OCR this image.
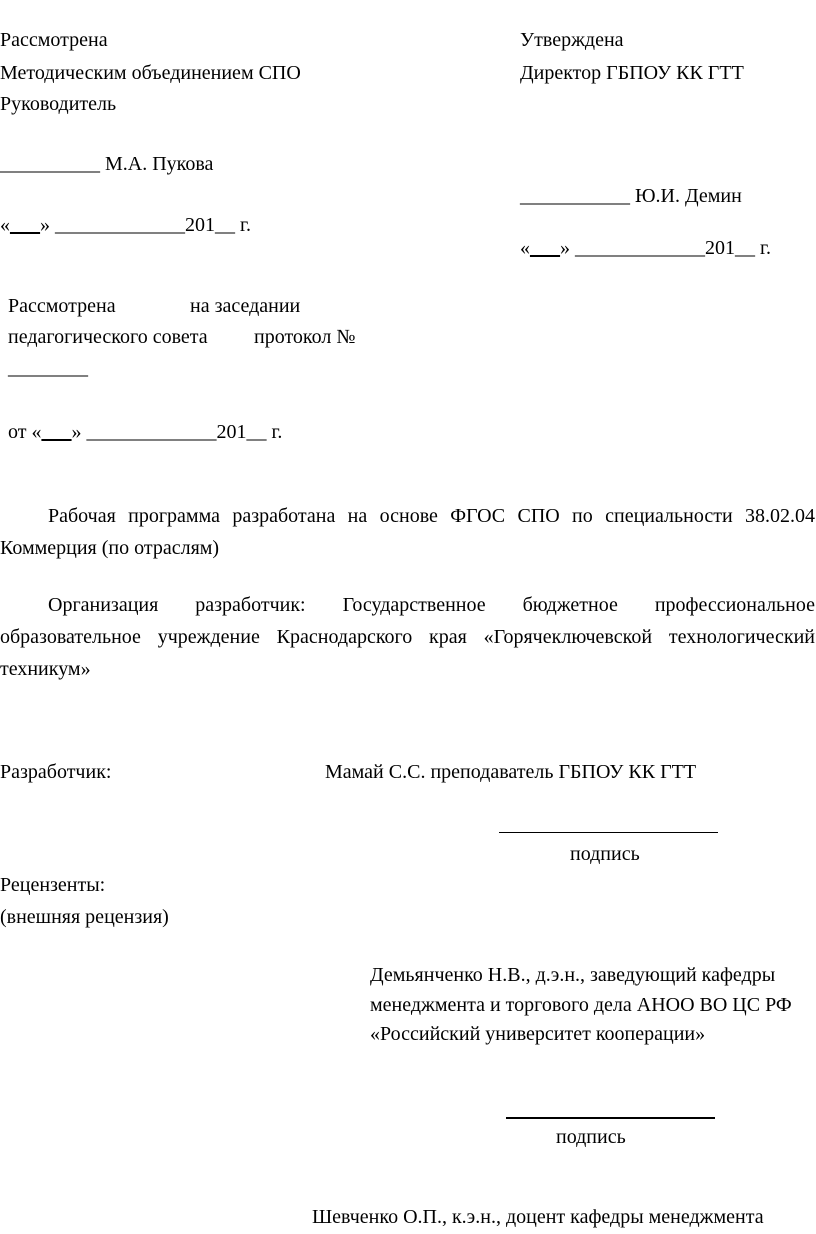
Рассмотрена
Методическим объединением СПО
Руководитель
__________ М.А. Пукова
«___» _____________201__ г.
Утверждена
Директор ГБПОУ КК ГТТ
___________ Ю.И. Демин
«___» _____________201__ г.
Рассмотрена	на заседании
педагогического совета протокол №
________
от «___» _____________201__ г.
Рабочая программа разработана на основе ФГОС СПО по специальности 38.02.04
Коммерция (по отраслям)
Организация разработчик: Государственное бюджетное профессиональное
образовательное учреждение Краснодарского края «Горячеключевской технологический
техникум»
Разработчик:	Мамай С.С. преподаватель ГБПОУ КК ГТТ
подпись
Рецензенты:
(внешняя рецензия)
Демьянченко Н.В., д.э.н., заведующий кафедры
менеджмента и торгового дела АНОО ВО ЦС РФ
«Российский университет кооперации»
подпись
Шевченко О.П., к.э.н., доцент кафедры менеджмента
